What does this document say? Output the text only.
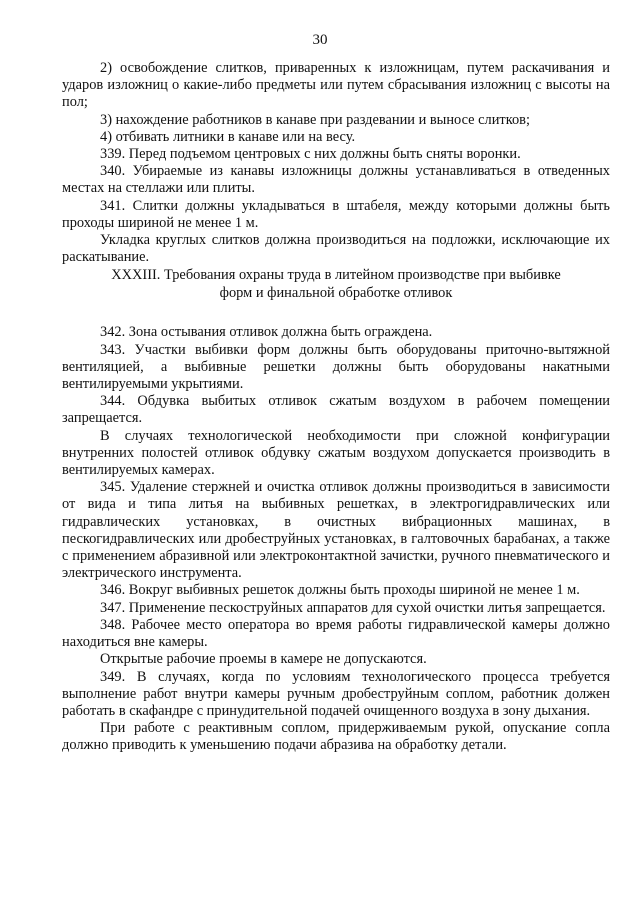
30

2) освобождение слитков, приваренных к изложницам, путем раскачивания и ударов изложниц о какие-либо предметы или путем сбрасывания изложниц с высоты на пол;

3) нахождение работников в канаве при раздевании и выносе слитков;

4) отбивать литники в канаве или на весу.

339. Перед подъемом центровых с них должны быть сняты воронки.

340. Убираемые из канавы изложницы должны устанавливаться в отведенных местах на стеллажи или плиты.

341. Слитки должны укладываться в штабеля, между которыми должны быть проходы шириной не менее 1 м.

Укладка круглых слитков должна производиться на подложки, исключающие их раскатывание.

XXXIII. Требования охраны труда в литейном производстве при выбивке
форм и финальной обработке отливок

342. Зона остывания отливок должна быть ограждена.

343. Участки выбивки форм должны быть оборудованы приточно-вытяжной вентиляцией, а выбивные решетки должны быть оборудованы накатными вентилируемыми укрытиями.

344. Обдувка выбитых отливок сжатым воздухом в рабочем помещении запрещается.

В случаях технологической необходимости при сложной конфигурации внутренних полостей отливок обдувку сжатым воздухом допускается производить в вентилируемых камерах.

345. Удаление стержней и очистка отливок должны производиться в зависимости от вида и типа литья на выбивных решетках, в электрогидравлических или гидравлических установках, в очистных вибрационных машинах, в пескогидравлических или дробеструйных установках, в галтовочных барабанах, а также с применением абразивной или электроконтактной зачистки, ручного пневматического и электрического инструмента.

346. Вокруг выбивных решеток должны быть проходы шириной не менее 1 м.

347. Применение пескоструйных аппаратов для сухой очистки литья запрещается.

348. Рабочее место оператора во время работы гидравлической камеры должно находиться вне камеры.

Открытые рабочие проемы в камере не допускаются.

349. В случаях, когда по условиям технологического процесса требуется выполнение работ внутри камеры ручным дробеструйным соплом, работник должен работать в скафандре с принудительной подачей очищенного воздуха в зону дыхания.

При работе с реактивным соплом, придерживаемым рукой, опускание сопла должно приводить к уменьшению подачи абразива на обработку детали.
